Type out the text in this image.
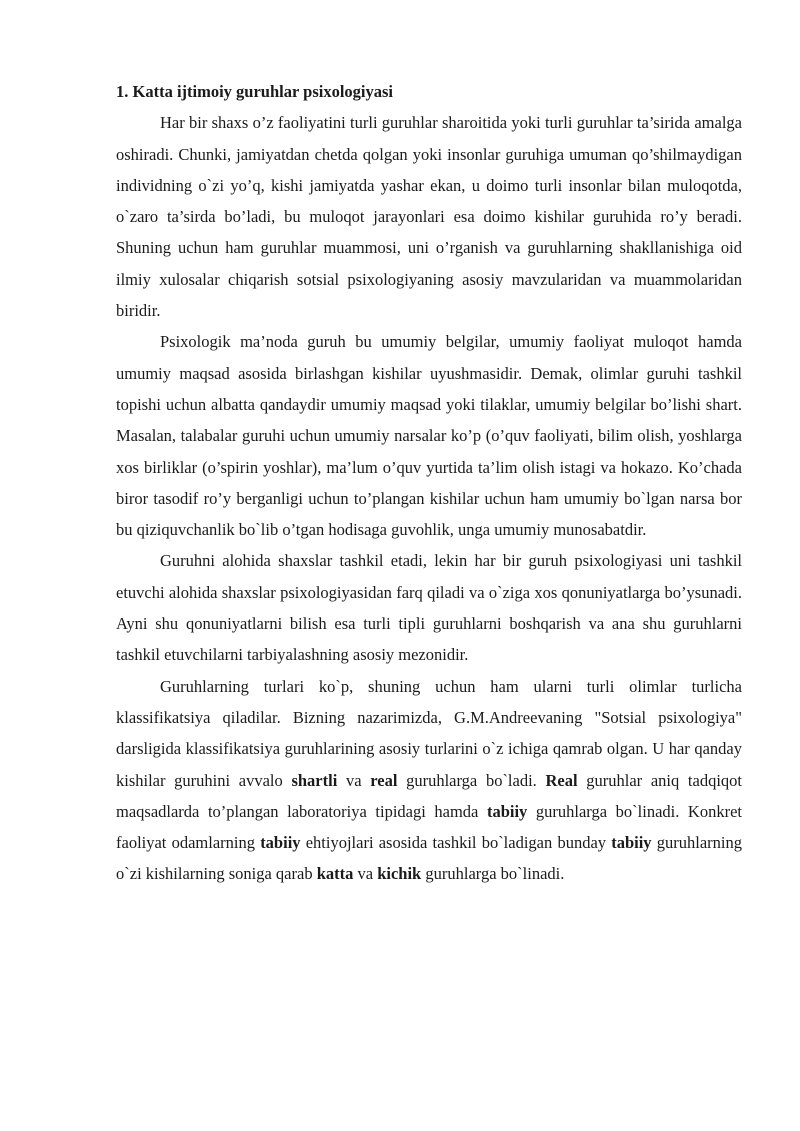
1. Katta ijtimoiy guruhlar psixologiyasi

Har bir shaxs o’z faoliyatini turli guruhlar sharoitida yoki turli guruhlar ta’sirida amalga oshiradi. Chunki, jamiyatdan chetda qolgan yoki insonlar guruhiga umuman qo’shilmaydigan individning o`zi yo’q, kishi jamiyatda yashar ekan, u doimo turli insonlar bilan muloqotda, o`zaro ta’sirda bo’ladi, bu muloqot jarayonlari esa doimo kishilar guruhida ro’y beradi. Shuning uchun ham guruhlar muammosi, uni o’rganish va guruhlarning shakllanishiga oid ilmiy xulosalar chiqarish sotsial psixologiyaning asosiy mavzularidan va muammolaridan biridir.

Psixologik ma’noda guruh bu umumiy belgilar, umumiy faoliyat muloqot hamda umumiy maqsad asosida birlashgan kishilar uyushmasidir. Demak, olimlar guruhi tashkil topishi uchun albatta qandaydir umumiy maqsad yoki tilaklar, umumiy belgilar bo’lishi shart. Masalan, talabalar guruhi uchun umumiy narsalar ko’p (o’quv faoliyati, bilim olish, yoshlarga xos birliklar (o’spirin yoshlar), ma’lum o’quv yurtida ta’lim olish istagi va hokazo. Ko’chada biror tasodif ro’y berganligi uchun to’plangan kishilar uchun ham umumiy bo`lgan narsa bor bu qiziquvchanlik bo`lib o’tgan hodisaga guvohlik, unga umumiy munosabatdir.

Guruhni alohida shaxslar tashkil etadi, lekin har bir guruh psixologiyasi uni tashkil etuvchi alohida shaxslar psixologiyasidan farq qiladi va o`ziga xos qonuniyatlarga bo’ysunadi. Ayni shu qonuniyatlarni bilish esa turli tipli guruhlarni boshqarish va ana shu guruhlarni tashkil etuvchilarni tarbiyalashning asosiy mezonidir.

Guruhlarning turlari ko`p, shuning uchun ham ularni turli olimlar turlicha klassifikatsiya qiladilar. Bizning nazarimizda, G.M.Andreevaning "Sotsial psixologiya" darsligida klassifikatsiya guruhlarining asosiy turlarini o`z ichiga qamrab olgan. U har qanday kishilar guruhini avvalo shartli va real guruhlarga bo`ladi. Real guruhlar aniq tadqiqot maqsadlarda to’plangan laboratoriya tipidagi hamda tabiiy guruhlarga bo`linadi. Konkret faoliyat odamlarning tabiiy ehtiyojlari asosida tashkil bo`ladigan bunday tabiiy guruhlarning o`zi kishilarning soniga qarab katta va kichik guruhlarga bo`linadi.
